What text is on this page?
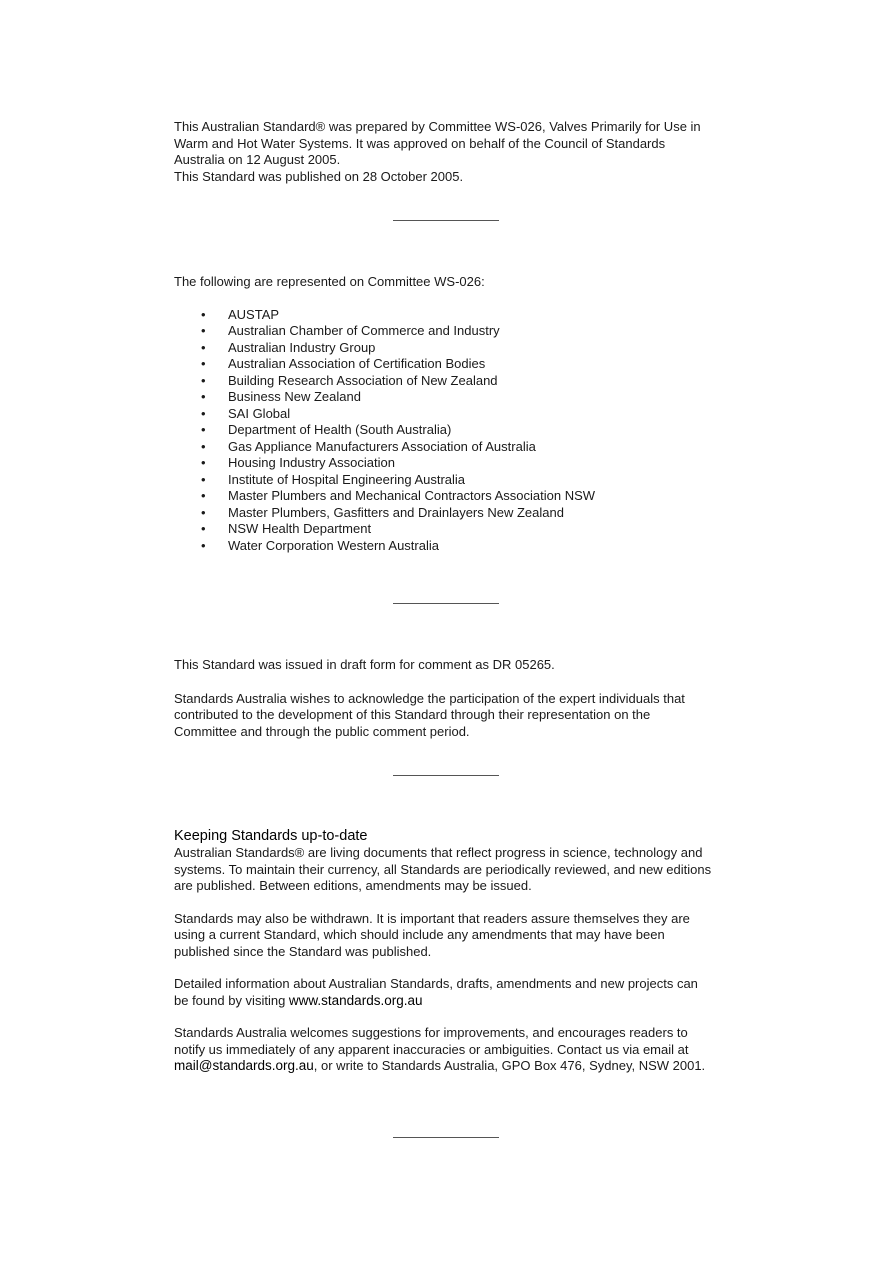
This Australian Standard® was prepared by Committee WS-026, Valves Primarily for Use in
Warm and Hot Water Systems. It was approved on behalf of the Council of Standards
Australia on 12 August 2005.
This Standard was published on 28 October 2005.
The following are represented on Committee WS-026:
• AUSTAP
• Australian Chamber of Commerce and Industry
• Australian Industry Group
• Australian Association of Certification Bodies
• Building Research Association of New Zealand
• Business New Zealand
• SAI Global
• Department of Health (South Australia)
• Gas Appliance Manufacturers Association of Australia
• Housing Industry Association
• Institute of Hospital Engineering Australia
• Master Plumbers and Mechanical Contractors Association NSW
• Master Plumbers, Gasfitters and Drainlayers New Zealand
• NSW Health Department
• Water Corporation Western Australia
This Standard was issued in draft form for comment as DR 05265.
Standards Australia wishes to acknowledge the participation of the expert individuals that
contributed to the development of this Standard through their representation on the
Committee and through the public comment period.
Keeping Standards up-to-date
Australian Standards® are living documents that reflect progress in science, technology and
systems. To maintain their currency, all Standards are periodically reviewed, and new editions
are published. Between editions, amendments may be issued.
Standards may also be withdrawn. It is important that readers assure themselves they are
using a current Standard, which should include any amendments that may have been
published since the Standard was published.
Detailed information about Australian Standards, drafts, amendments and new projects can
be found by visiting www.standards.org.au
Standards Australia welcomes suggestions for improvements, and encourages readers to
notify us immediately of any apparent inaccuracies or ambiguities. Contact us via email at
mail@standards.org.au, or write to Standards Australia, GPO Box 476, Sydney, NSW 2001.
